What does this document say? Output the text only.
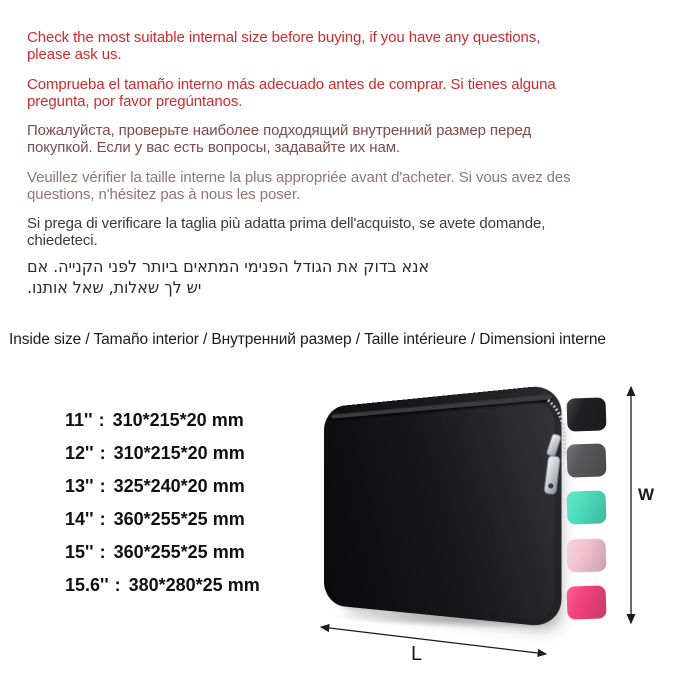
Check the most suitable internal size before buying, if you have any questions,
please ask us.
Comprueba el tamaño interno más adecuado antes de comprar. Si tienes alguna
pregunta, por favor pregúntanos.
Пожалуйста, проверьте наиболее подходящий внутренний размер перед
покупкой. Если у вас есть вопросы, задавайте их нам.
Veuillez vérifier la taille interne la plus appropriée avant d'acheter. Si vous avez des
questions, n'hésitez pas à nous les poser.
Si prega di verificare la taglia più adatta prima dell'acquisto, se avete domande,
chiedeteci.
אנא בדוק את הגודל הפנימי המתאים ביותר לפני הקנייה. אם
יש לך שאלות, שאל אותנו.
Inside size / Tamaño interior / Внутренний размер / Taille intérieure / Dimensioni interne
11'' : 310*215*20 mm
12'' : 310*215*20 mm
13'' : 325*240*20 mm
14'' : 360*255*25 mm
15'' : 360*255*25 mm
15.6'' : 380*280*25 mm
W
L
